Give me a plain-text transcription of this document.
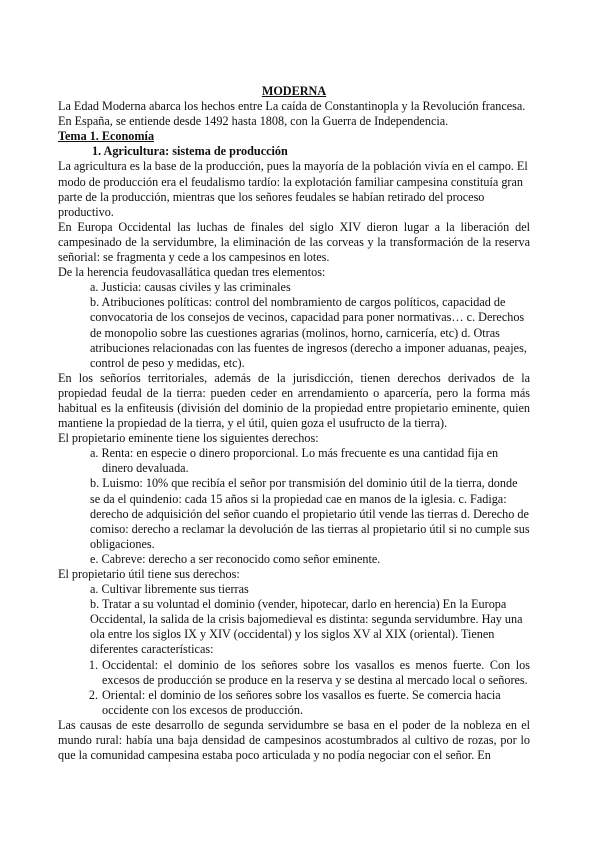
MODERNA

La Edad Moderna abarca los hechos entre La caída de Constantinopla y la Revolución francesa. En España, se entiende desde 1492 hasta 1808, con la Guerra de Independencia.

Tema 1. Economía

1. Agricultura: sistema de producción

La agricultura es la base de la producción, pues la mayoría de la población vivía en el campo. El modo de producción era el feudalismo tardío: la explotación familiar campesina constituía gran parte de la producción, mientras que los señores feudales se habían retirado del proceso productivo.

En Europa Occidental las luchas de finales del siglo XIV dieron lugar a la liberación del campesinado de la servidumbre, la eliminación de las corveas y la transformación de la reserva señorial: se fragmenta y cede a los campesinos en lotes.

De la herencia feudovasallática quedan tres elementos:

a. Justicia: causas civiles y las criminales

b. Atribuciones políticas: control del nombramiento de cargos políticos, capacidad de convocatoria de los consejos de vecinos, capacidad para poner normativas… c. Derechos de monopolio sobre las cuestiones agrarias (molinos, horno, carnicería, etc) d. Otras atribuciones relacionadas con las fuentes de ingresos (derecho a imponer aduanas, peajes, control de peso y medidas, etc).

En los señoríos territoriales, además de la jurisdicción, tienen derechos derivados de la propiedad feudal de la tierra: pueden ceder en arrendamiento o aparcería, pero la forma más habitual es la enfiteusis (división del dominio de la propiedad entre propietario eminente, quien mantiene la propiedad de la tierra, y el útil, quien goza el usufructo de la tierra).

El propietario eminente tiene los siguientes derechos:

a. Renta: en especie o dinero proporcional. Lo más frecuente es una cantidad fija en dinero devaluada.

b. Luismo: 10% que recibía el señor por transmisión del dominio útil de la tierra, donde se da el quindenio: cada 15 años si la propiedad cae en manos de la iglesia. c. Fadiga: derecho de adquisición del señor cuando el propietario útil vende las tierras d. Derecho de comiso: derecho a reclamar la devolución de las tierras al propietario útil si no cumple sus obligaciones.

e. Cabreve: derecho a ser reconocido como señor eminente.

El propietario útil tiene sus derechos:

a. Cultivar libremente sus tierras

b. Tratar a su voluntad el dominio (vender, hipotecar, darlo en herencia) En la Europa Occidental, la salida de la crisis bajomedieval es distinta: segunda servidumbre. Hay una ola entre los siglos IX y XIV (occidental) y los siglos XV al XIX (oriental). Tienen diferentes características:

1. Occidental: el dominio de los señores sobre los vasallos es menos fuerte. Con los excesos de producción se produce en la reserva y se destina al mercado local o señores.
2. Oriental: el dominio de los señores sobre los vasallos es fuerte. Se comercia hacia occidente con los excesos de producción.

Las causas de este desarrollo de segunda servidumbre se basa en el poder de la nobleza en el mundo rural: había una baja densidad de campesinos acostumbrados al cultivo de rozas, por lo que la comunidad campesina estaba poco articulada y no podía negociar con el señor. En
